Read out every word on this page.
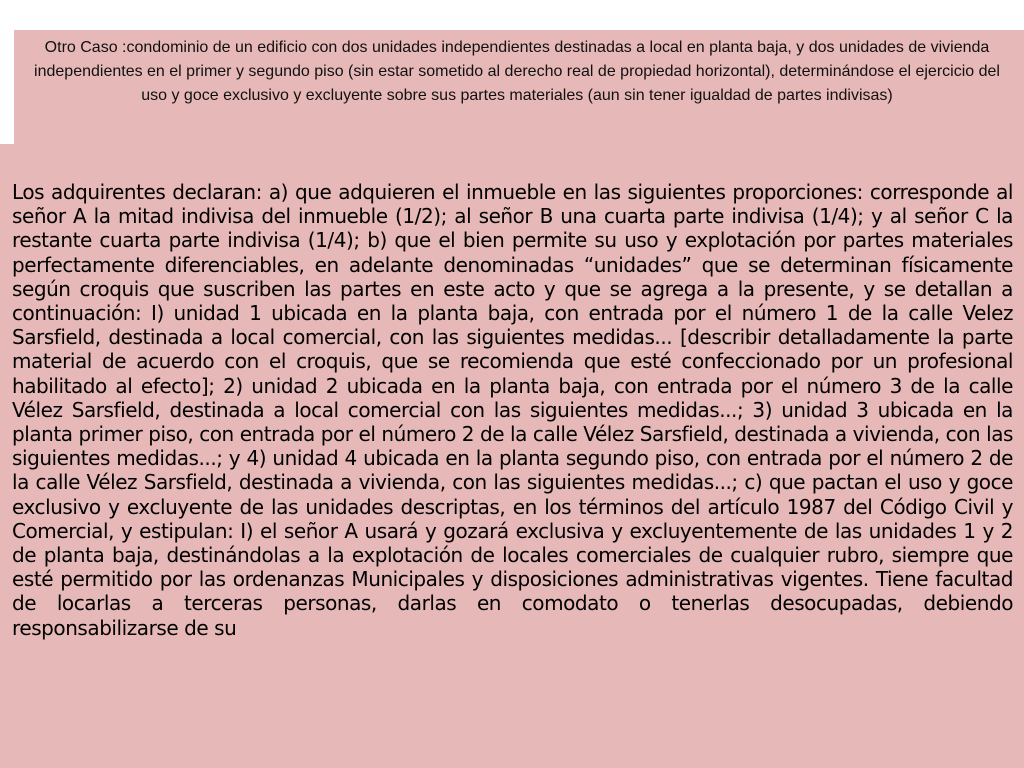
Otro Caso :condominio de un edificio con dos unidades independientes destinadas a local en planta baja, y dos unidades de vivienda independientes en el primer y segundo piso (sin estar sometido al derecho real de propiedad horizontal), determinándose el ejercicio del uso y goce exclusivo y excluyente sobre sus partes materiales (aun sin tener igualdad de partes indivisas)

Los adquirentes declaran: a) que adquieren el inmueble en las siguientes proporciones: corresponde al señor A la mitad indivisa del inmueble (1/2); al señor B una cuarta parte indivisa (1/4); y al señor C la restante cuarta parte indivisa (1/4); b) que el bien permite su uso y explotación por partes materiales perfectamente diferenciables, en adelante denominadas “unidades” que se determinan físicamente según croquis que suscriben las partes en este acto y que se agrega a la presente, y se detallan a continuación: I) unidad 1 ubicada en la planta baja, con entrada por el número 1 de la calle Velez Sarsfield, destinada a local comercial, con las siguientes medidas... [describir detalladamente la parte material de acuerdo con el croquis, que se recomienda que esté confeccionado por un profesional habilitado al efecto]; 2) unidad 2 ubicada en la planta baja, con entrada por el número 3 de la calle Vélez Sarsfield, destinada a local comercial con las siguientes medidas...; 3) unidad 3 ubicada en la planta primer piso, con entrada por el número 2 de la calle Vélez Sarsfield, destinada a vivienda, con las siguientes medidas...; y 4) unidad 4 ubicada en la planta segundo piso, con entrada por el número 2 de la calle Vélez Sarsfield, destinada a vivienda, con las siguientes medidas...; c) que pactan el uso y goce exclusivo y excluyente de las unidades descriptas, en los términos del artículo 1987 del Código Civil y Comercial, y estipulan: I) el señor A usará y gozará exclusiva y excluyentemente de las unidades 1 y 2 de planta baja, destinándolas a la explotación de locales comerciales de cualquier rubro, siempre que esté permitido por las ordenanzas Municipales y disposiciones administrativas vigentes. Tiene facultad de locarlas a terceras personas, darlas en comodato o tenerlas desocupadas, debiendo responsabilizarse de su
